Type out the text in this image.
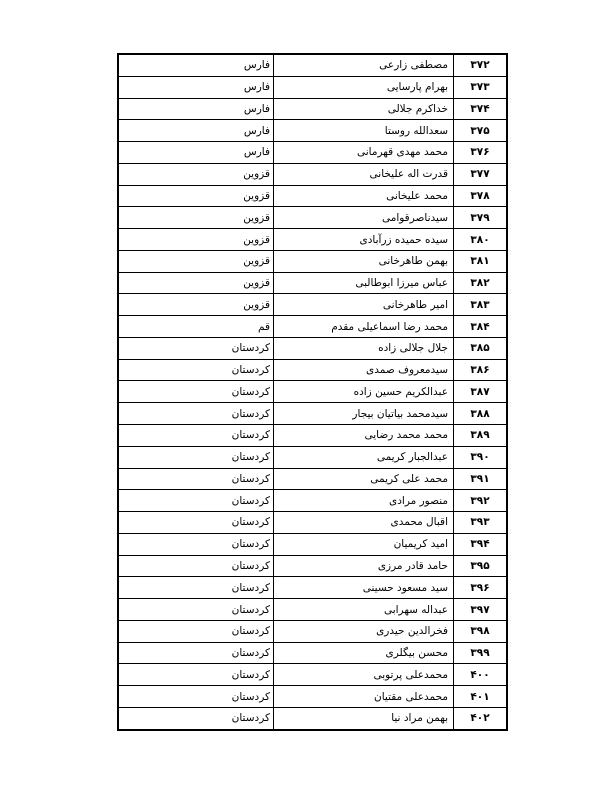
۳۷۲	مصطفی زارعی	فارس
۳۷۳	بهرام پارسایی	فارس
۳۷۴	خداکرم جلالی	فارس
۳۷۵	سعدالله روستا	فارس
۳۷۶	محمد مهدی قهرمانی	فارس
۳۷۷	قدرت اله علیخانی	قزوین
۳۷۸	محمد علیخانی	قزوین
۳۷۹	سیدناصرقوامی	قزوین
۳۸۰	سیده حمیده زرآبادی	قزوین
۳۸۱	بهمن طاهرخانی	قزوین
۳۸۲	عباس میرزا ابوطالبی	قزوین
۳۸۳	امیر طاهرخانی	قزوین
۳۸۴	محمد رضا اسماعیلی مقدم	قم
۳۸۵	جلال جلالی زاده	کردستان
۳۸۶	سیدمعروف صمدی	کردستان
۳۸۷	عبدالکریم حسین زاده	کردستان
۳۸۸	سیدمحمد بیاتیان بیجار	کردستان
۳۸۹	محمد محمد رضایی	کردستان
۳۹۰	عبدالجبار کریمی	کردستان
۳۹۱	محمد علی کریمی	کردستان
۳۹۲	منصور مرادی	کردستان
۳۹۳	اقبال محمدی	کردستان
۳۹۴	امید کریمیان	کردستان
۳۹۵	حامد قادر مرزی	کردستان
۳۹۶	سید مسعود حسینی	کردستان
۳۹۷	عبداله سهرابی	کردستان
۳۹۸	فخرالدین حیدری	کردستان
۳۹۹	محسن بیگلری	کردستان
۴۰۰	محمدعلی پرتوبی	کردستان
۴۰۱	محمدعلی مقتیان	کردستان
۴۰۲	بهمن مراد نیا	کردستان
